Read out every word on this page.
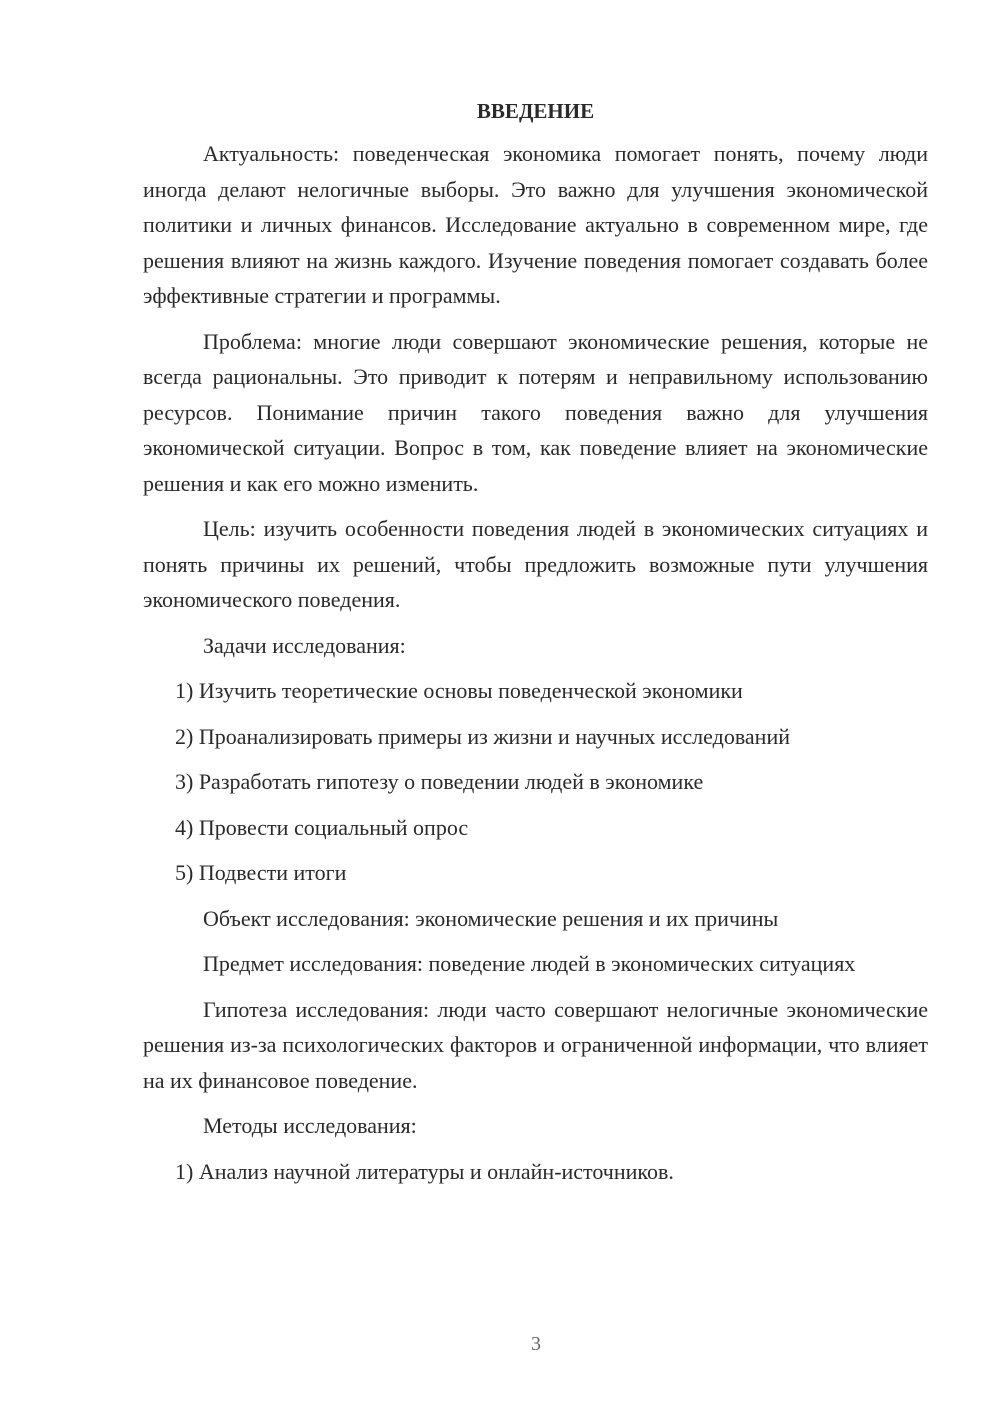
ВВЕДЕНИЕ

Актуальность: поведенческая экономика помогает понять, почему люди иногда делают нелогичные выборы. Это важно для улучшения экономической политики и личных финансов. Исследование актуально в современном мире, где решения влияют на жизнь каждого. Изучение поведения помогает создавать более эффективные стратегии и программы.

Проблема: многие люди совершают экономические решения, которые не всегда рациональны. Это приводит к потерям и неправильному использованию ресурсов. Понимание причин такого поведения важно для улучшения экономической ситуации. Вопрос в том, как поведение влияет на экономические решения и как его можно изменить.

Цель: изучить особенности поведения людей в экономических ситуациях и понять причины их решений, чтобы предложить возможные пути улучшения экономического поведения.

Задачи исследования:

1) Изучить теоретические основы поведенческой экономики

2) Проанализировать примеры из жизни и научных исследований

3) Разработать гипотезу о поведении людей в экономике

4) Провести социальный опрос

5) Подвести итоги

Объект исследования: экономические решения и их причины

Предмет исследования: поведение людей в экономических ситуациях

Гипотеза исследования: люди часто совершают нелогичные экономические решения из-за психологических факторов и ограниченной информации, что влияет на их финансовое поведение.

Методы исследования:

1) Анализ научной литературы и онлайн-источников.

3
